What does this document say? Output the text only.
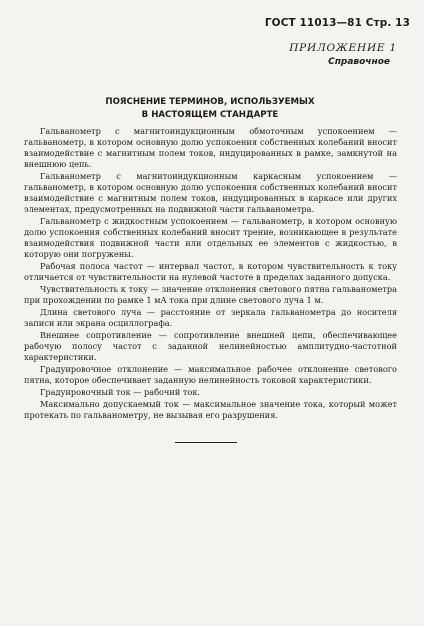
ГОСТ 11013—81 Стр. 13
ПРИЛОЖЕНИЕ 1
Справочное
ПОЯСНЕНИЕ ТЕРМИНОВ, ИСПОЛЬЗУЕМЫХ
В НАСТОЯЩЕМ СТАНДАРТЕ

Гальванометр с магнитоиндукционным обмоточным успокоением — гальванометр, в котором основную долю успокоения собственных колебаний вносит взаимодействие с магнитным полем токов, индуцированных в рамке, замкнутой на внешнюю цепь.

Гальванометр с магнитоиндукционным каркасным успокоением — гальванометр, в котором основную долю успокоения собственных колебаний вносит взаимодействие с магнитным полем токов, индуцированных в каркасе или других элементах, предусмотренных на подвижной части гальванометра.

Гальванометр с жидкостным успокоением — гальванометр, в котором основную долю успокоения собственных колебаний вносит трение, возникающее в результате взаимодействия подвижной части или отдельных ее элементов с жидкостью, в которую они погружены.

Рабочая полоса частот — интервал частот, в котором чувствительность к току отличается от чувствительности на нулевой частоте в пределах заданного допуска.

Чувствительность к току — значение отклонения светового пятна гальванометра при прохождении по рамке 1 мА тока при длине светового луча 1 м.

Длина светового луча — расстояние от зеркала гальванометра до носителя записи или экрана осциллографа.

Внешнее сопротивление — сопротивление внешней цепи, обеспечивающее рабочую полосу частот с заданной нелинейностью амплитудно-частотной характеристики.

Градуировочное отклонение — максимальное рабочее отклонение светового пятна, которое обеспечивает заданную нелинейность токовой характеристики.

Градуировочный ток — рабочий ток.

Максимально допускаемый ток — максимальное значение тока, который может протекать по гальванометру, не вызывая его разрушения.
